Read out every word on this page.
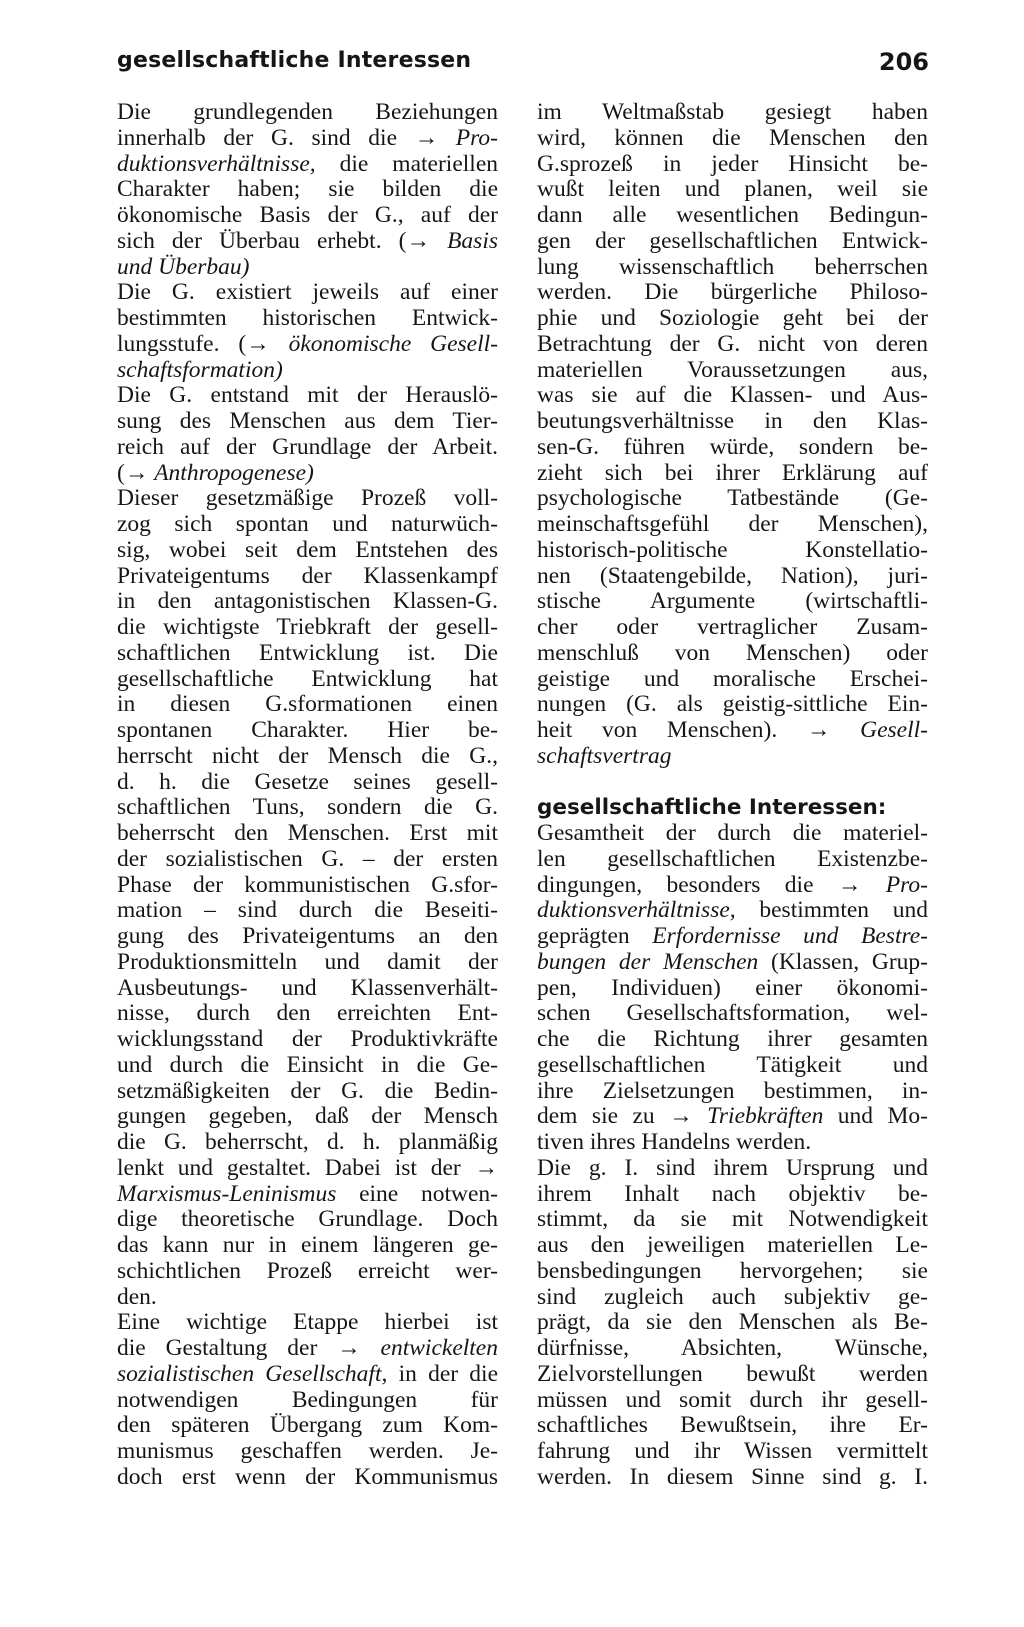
gesellschaftliche Interessen	206
Die grundlegenden Beziehungen
innerhalb der G. sind die → Pro-
duktionsverhältnisse, die materiellen
Charakter haben; sie bilden die
ökonomische Basis der G., auf der
sich der Überbau erhebt. (→ Basis
und Überbau)
Die G. existiert jeweils auf einer
bestimmten historischen Entwick-
lungsstufe. (→ ökonomische Gesell-
schaftsformation)
Die G. entstand mit der Herauslö-
sung des Menschen aus dem Tier-
reich auf der Grundlage der Arbeit.
(→ Anthropogenese)
Dieser gesetzmäßige Prozeß voll-
zog sich spontan und naturwüch-
sig, wobei seit dem Entstehen des
Privateigentums der Klassenkampf
in den antagonistischen Klassen-G.
die wichtigste Triebkraft der gesell-
schaftlichen Entwicklung ist. Die
gesellschaftliche Entwicklung hat
in diesen G.sformationen einen
spontanen Charakter. Hier be-
herrscht nicht der Mensch die G.,
d. h. die Gesetze seines gesell-
schaftlichen Tuns, sondern die G.
beherrscht den Menschen. Erst mit
der sozialistischen G. – der ersten
Phase der kommunistischen G.sfor-
mation – sind durch die Beseiti-
gung des Privateigentums an den
Produktionsmitteln und damit der
Ausbeutungs- und Klassenverhält-
nisse, durch den erreichten Ent-
wicklungsstand der Produktivkräfte
und durch die Einsicht in die Ge-
setzmäßigkeiten der G. die Bedin-
gungen gegeben, daß der Mensch
die G. beherrscht, d. h. planmäßig
lenkt und gestaltet. Dabei ist der →
Marxismus-Leninismus eine notwen-
dige theoretische Grundlage. Doch
das kann nur in einem längeren ge-
schichtlichen Prozeß erreicht wer-
den.
Eine wichtige Etappe hierbei ist
die Gestaltung der → entwickelten
sozialistischen Gesellschaft, in der die
notwendigen Bedingungen für
den späteren Übergang zum Kom-
munismus geschaffen werden. Je-
doch erst wenn der Kommunismus
im Weltmaßstab gesiegt haben
wird, können die Menschen den
G.sprozeß in jeder Hinsicht be-
wußt leiten und planen, weil sie
dann alle wesentlichen Bedingun-
gen der gesellschaftlichen Entwick-
lung wissenschaftlich beherrschen
werden. Die bürgerliche Philoso-
phie und Soziologie geht bei der
Betrachtung der G. nicht von deren
materiellen Voraussetzungen aus,
was sie auf die Klassen- und Aus-
beutungsverhältnisse in den Klas-
sen-G. führen würde, sondern be-
zieht sich bei ihrer Erklärung auf
psychologische Tatbestände (Ge-
meinschaftsgefühl der Menschen),
historisch-politische Konstellatio-
nen (Staatengebilde, Nation), juri-
stische Argumente (wirtschaftli-
cher oder vertraglicher Zusam-
menschluß von Menschen) oder
geistige und moralische Erschei-
nungen (G. als geistig-sittliche Ein-
heit von Menschen). → Gesell-
schaftsvertrag
gesellschaftliche Interessen:
Gesamtheit der durch die materiel-
len gesellschaftlichen Existenzbe-
dingungen, besonders die → Pro-
duktionsverhältnisse, bestimmten und
geprägten Erfordernisse und Bestre-
bungen der Menschen (Klassen, Grup-
pen, Individuen) einer ökonomi-
schen Gesellschaftsformation, wel-
che die Richtung ihrer gesamten
gesellschaftlichen Tätigkeit und
ihre Zielsetzungen bestimmen, in-
dem sie zu → Triebkräften und Mo-
tiven ihres Handelns werden.
Die g. I. sind ihrem Ursprung und
ihrem Inhalt nach objektiv be-
stimmt, da sie mit Notwendigkeit
aus den jeweiligen materiellen Le-
bensbedingungen hervorgehen; sie
sind zugleich auch subjektiv ge-
prägt, da sie den Menschen als Be-
dürfnisse, Absichten, Wünsche,
Zielvorstellungen bewußt werden
müssen und somit durch ihr gesell-
schaftliches Bewußtsein, ihre Er-
fahrung und ihr Wissen vermittelt
werden. In diesem Sinne sind g. I.
